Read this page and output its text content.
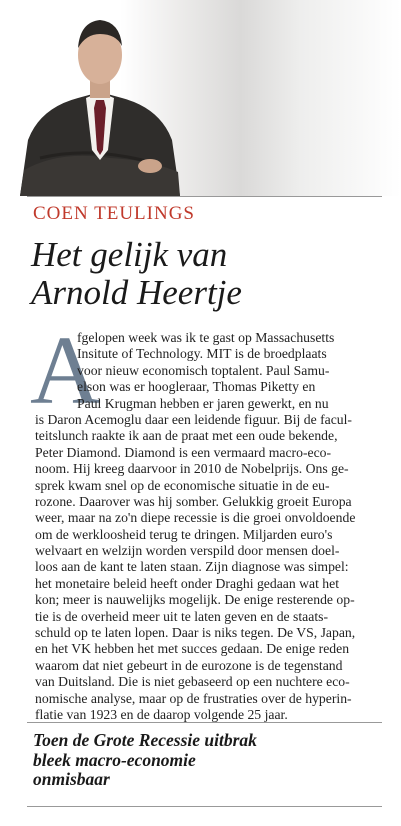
COEN TEULINGS
Het gelijk van
Arnold Heertje
A
fgelopen week was ik te gast op Massachusetts
Insitute of Technology. MIT is de broedplaats
voor nieuw economisch toptalent. Paul Samu-
elson was er hoogleraar, Thomas Piketty en
Paul Krugman hebben er jaren gewerkt, en nu
is Daron Acemoglu daar een leidende figuur. Bij de facul-
teitslunch raakte ik aan de praat met een oude bekende,
Peter Diamond. Diamond is een vermaard macro-eco-
noom. Hij kreeg daarvoor in 2010 de Nobelprijs. Ons ge-
sprek kwam snel op de economische situatie in de eu-
rozone. Daarover was hij somber. Gelukkig groeit Europa
weer, maar na zo'n diepe recessie is die groei onvoldoende
om de werkloosheid terug te dringen. Miljarden euro's
welvaart en welzijn worden verspild door mensen doel-
loos aan de kant te laten staan. Zijn diagnose was simpel:
het monetaire beleid heeft onder Draghi gedaan wat het
kon; meer is nauwelijks mogelijk. De enige resterende op-
tie is de overheid meer uit te laten geven en de staats-
schuld op te laten lopen. Daar is niks tegen. De VS, Japan,
en het VK hebben het met succes gedaan. De enige reden
waarom dat niet gebeurt in de eurozone is de tegenstand
van Duitsland. Die is niet gebaseerd op een nuchtere eco-
nomische analyse, maar op de frustraties over de hyperin-
flatie van 1923 en de daarop volgende 25 jaar.
Toen de Grote Recessie uitbrak
bleek macro-economie
onmisbaar
